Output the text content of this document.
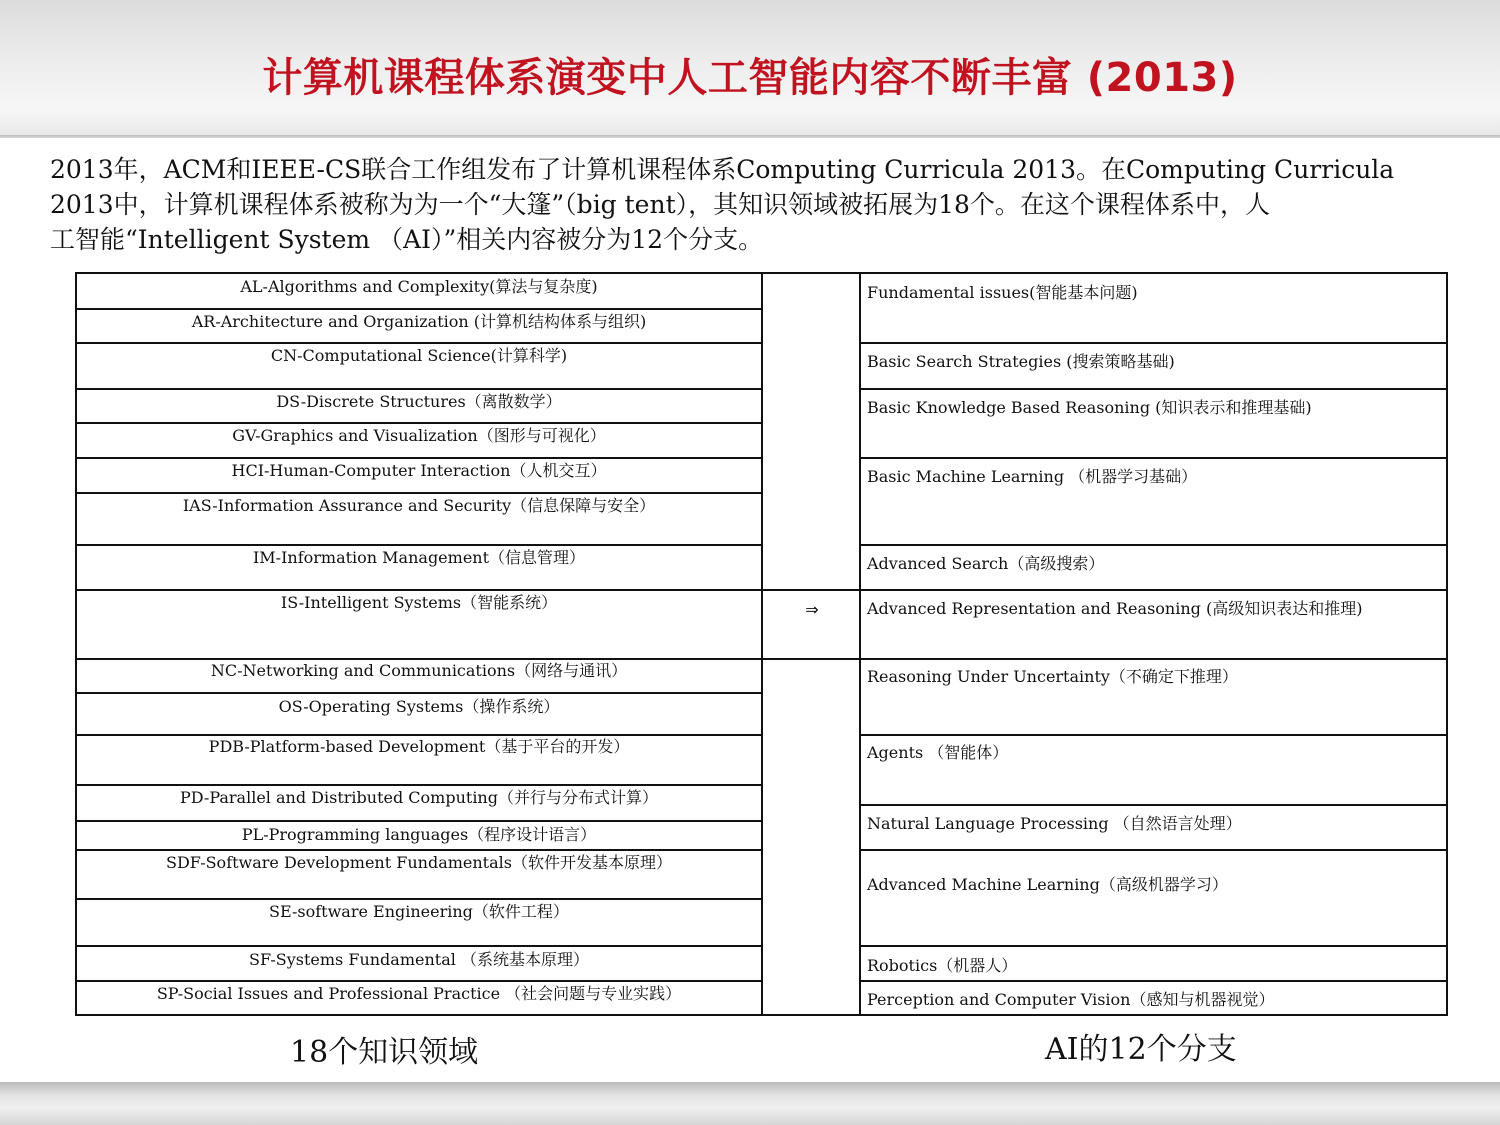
计算机课程体系演变中人工智能内容不断丰富 (2013)
2013年，ACM和IEEE-CS联合工作组发布了计算机课程体系Computing Curricula 2013。在Computing Curricula
2013中，计算机课程体系被称为为一个“大篷”（big tent），其知识领域被拓展为18个。在这个课程体系中，人
工智能“Intelligent System （AI）”相关内容被分为12个分支。
AL-Algorithms and Complexity(算法与复杂度)
AR-Architecture and Organization (计算机结构体系与组织)
CN-Computational Science(计算科学)
DS-Discrete Structures（离散数学）
GV-Graphics and Visualization（图形与可视化）
HCI-Human-Computer Interaction（人机交互）
IAS-Information Assurance and Security（信息保障与安全）
IM-Information Management（信息管理）
IS-Intelligent Systems（智能系统）
NC-Networking and Communications（网络与通讯）
OS-Operating Systems（操作系统）
PDB-Platform-based Development（基于平台的开发）
PD-Parallel and Distributed Computing（并行与分布式计算）
PL-Programming languages（程序设计语言）
SDF-Software Development Fundamentals（软件开发基本原理）
SE-software Engineering（软件工程）
SF-Systems Fundamental （系统基本原理）
SP-Social Issues and Professional Practice （社会问题与专业实践）
⇒
Fundamental issues(智能基本问题)
Basic Search Strategies (搜索策略基础)
Basic Knowledge Based Reasoning (知识表示和推理基础)
Basic Machine Learning （机器学习基础）
Advanced Search（高级搜索）
Advanced Representation and Reasoning (高级知识表达和推理)
Reasoning Under Uncertainty（不确定下推理）
Agents （智能体）
Natural Language Processing （自然语言处理）
Advanced Machine Learning（高级机器学习）
Robotics（机器人）
Perception and Computer Vision（感知与机器视觉）
18个知识领域	AI的12个分支
